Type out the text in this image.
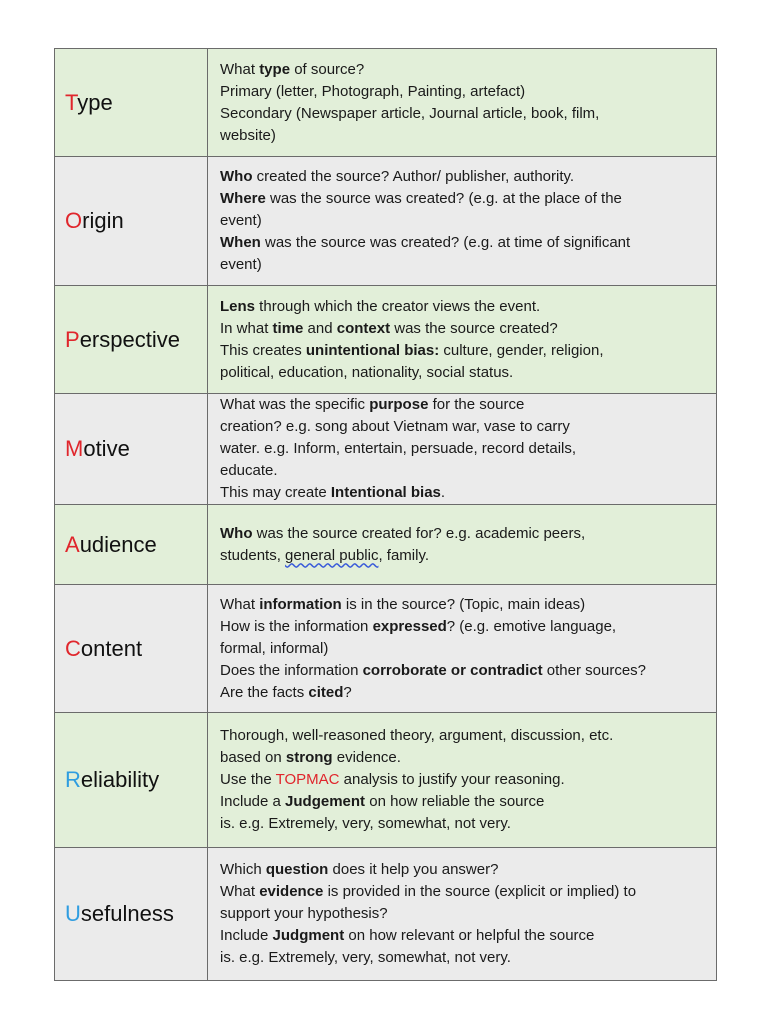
Type	What type of source?
Primary (letter, Photograph, Painting, artefact)
Secondary (Newspaper article, Journal article, book, film,
website)

Origin	Who created the source? Author/ publisher, authority.
Where was the source was created? (e.g. at the place of the
event)
When was the source was created? (e.g. at time of significant
event)

Perspective	Lens through which the creator views the event.
In what time and context was the source created?
This creates unintentional bias: culture, gender, religion,
political, education, nationality, social status.

Motive	What was the specific purpose for the source
creation? e.g. song about Vietnam war, vase to carry
water. e.g. Inform, entertain, persuade, record details,
educate.
This may create Intentional bias.

Audience	Who was the source created for? e.g. academic peers,
students, general public, family.

Content	What information is in the source? (Topic, main ideas)
How is the information expressed? (e.g. emotive language,
formal, informal)
Does the information corroborate or contradict other sources?
Are the facts cited?

Reliability	Thorough, well-reasoned theory, argument, discussion, etc.
based on strong evidence.
Use the TOPMAC analysis to justify your reasoning.
Include a Judgement on how reliable the source
is. e.g. Extremely, very, somewhat, not very.

Usefulness	Which question does it help you answer?
What evidence is provided in the source (explicit or implied) to
support your hypothesis?
Include Judgment on how relevant or helpful the source
is. e.g. Extremely, very, somewhat, not very.
